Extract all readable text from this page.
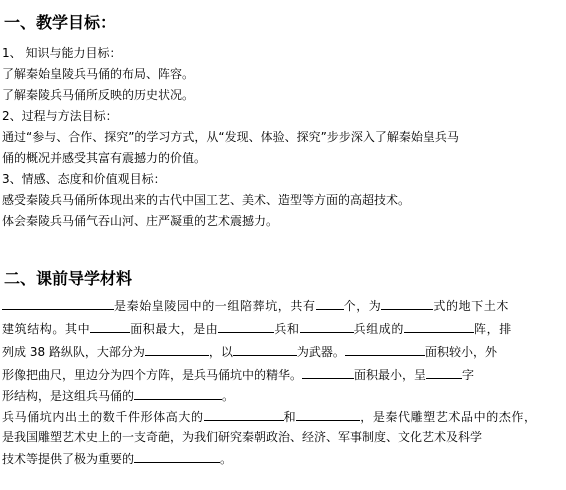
一、教学目标：
1、 知识与能力目标：
了解秦始皇陵兵马俑的布局、阵容。
了解秦陵兵马俑所反映的历史状况。
2、过程与方法目标：
通过“参与、合作、探究”的学习方式，从“发现、体验、探究”步步深入了解秦始皇兵马
俑的概况并感受其富有震撼力的价值。
3、情感、态度和价值观目标：
感受秦陵兵马俑所体现出来的古代中国工艺、美术、造型等方面的高超技术。
体会秦陵兵马俑气吞山河、庄严凝重的艺术震撼力。
二、课前导学材料
是秦始皇陵园中的一组陪葬坑，共有 个，为	式的地下土木
建筑结构。其中	面积最大，是由	兵和	兵组成的	阵，排
列成 38 路纵队，大部分为	，以	为武器。	面积较小，外
形像把曲尺，里边分为四个方阵，是兵马俑坑中的精华。	面积最小，呈	字
形结构，是这组兵马俑的	。
兵马俑坑内出土的数千件形体高大的	和	，是秦代雕塑艺术品中的杰作，
是我国雕塑艺术史上的一支奇葩，为我们研究秦朝政治、经济、军事制度、文化艺术及科学
技术等提供了极为重要的	。
